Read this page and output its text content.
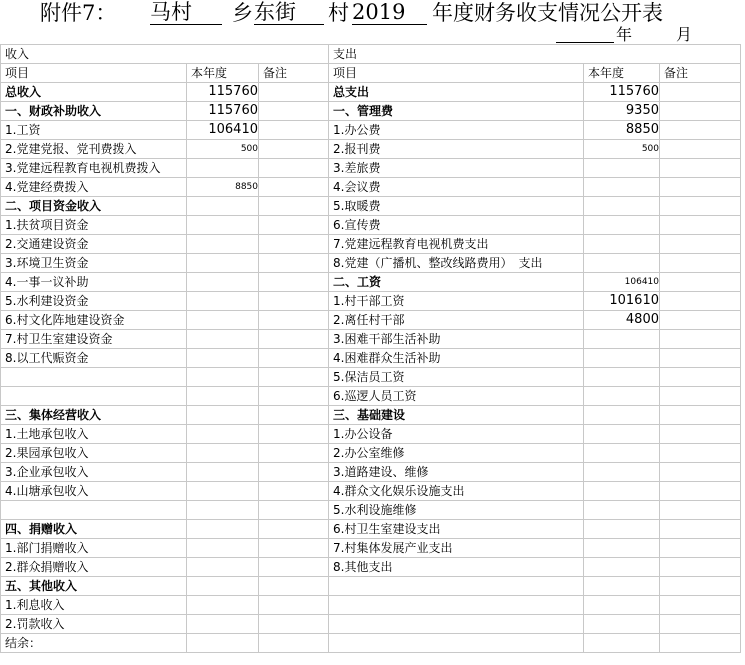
附件7： 马村	乡 东街	村 2019	年度财务收支情况公开表
年	月
收入			支出		
项目	本年度	备注	项目	本年度	备注
总收入	115760		总支出	115760	
一、财政补助收入	115760		一、管理费	9350	
1.工资	106410		1.办公费	8850	
2.党建党报、党刊费拨入	500		2.报刊费	500	
3.党建远程教育电视机费拨入			3.差旅费		
4.党建经费拨入	8850		4.会议费		
二、项目资金收入			5.取暖费		
1.扶贫项目资金			6.宣传费		
2.交通建设资金			7.党建远程教育电视机费支出		
3.环境卫生资金			8.党建（广播机、整改线路费用）　支出		
4.一事一议补助			二、工资	106410	
5.水利建设资金			1.村干部工资	101610	
6.村文化阵地建设资金			2.离任村干部	4800	
7.村卫生室建设资金			3.困难干部生活补助		
8.以工代赈资金			4.困难群众生活补助		
			5.保洁员工资		
			6.巡逻人员工资		
三、集体经营收入			三、基础建设		
1.土地承包收入			1.办公设备		
2.果园承包收入			2.办公室维修		
3.企业承包收入			3.道路建设、维修		
4.山塘承包收入			4.群众文化娱乐设施支出		
			5.水利设施维修		
四、捐赠收入			6.村卫生室建设支出		
1.部门捐赠收入			7.村集体发展产业支出		
2.群众捐赠收入			8.其他支出		
五、其他收入					
1.利息收入					
2.罚款收入					
结余：					
